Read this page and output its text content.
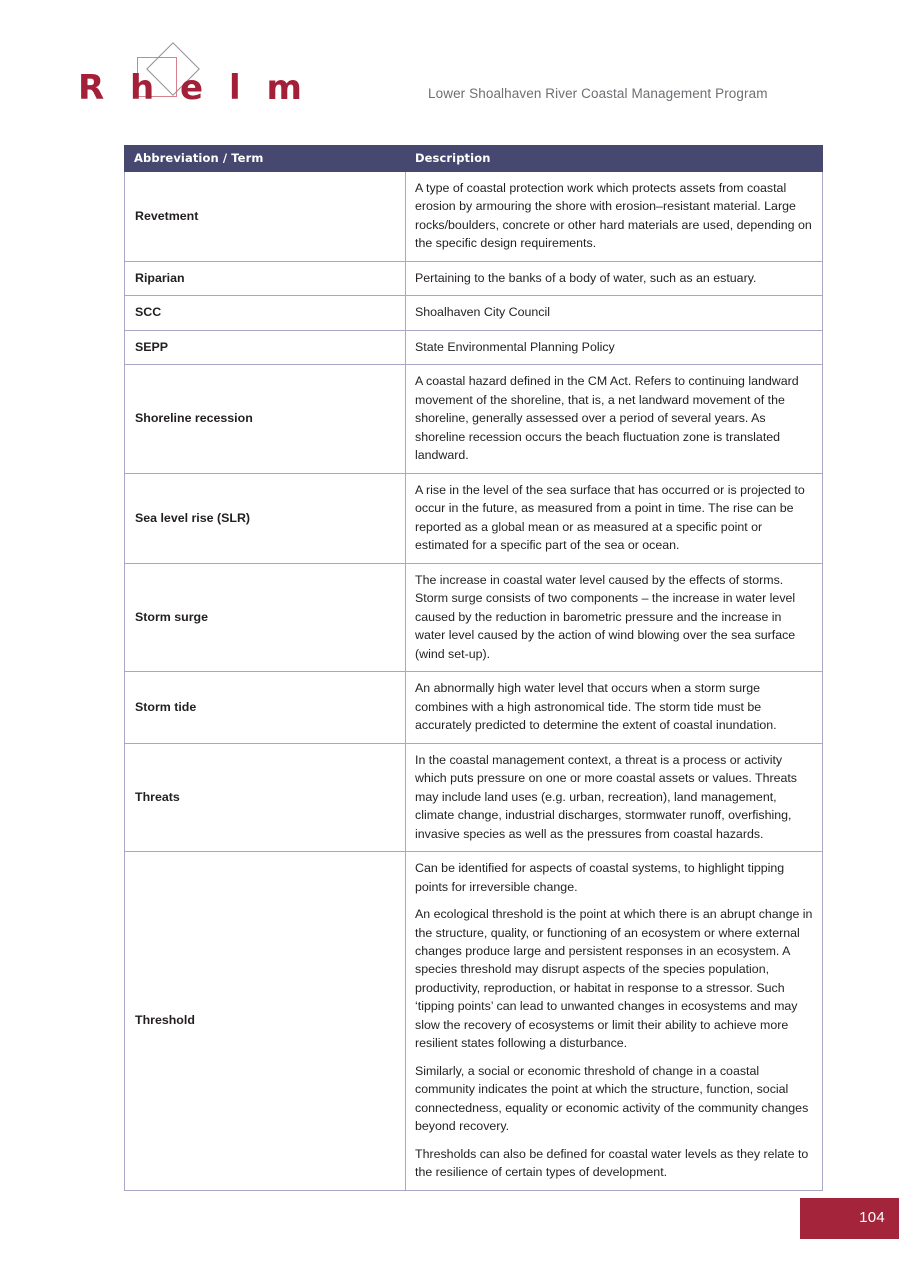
R h e l m	Lower Shoalhaven River Coastal Management Program
Abbreviation / Term	Description
Revetment	A type of coastal protection work which protects assets from coastal erosion by armouring the shore with erosion–resistant material. Large rocks/boulders, concrete or other hard materials are used, depending on the specific design requirements.

Riparian	Pertaining to the banks of a body of water, such as an estuary.

SCC	Shoalhaven City Council

SEPP	State Environmental Planning Policy

Shoreline recession	A coastal hazard defined in the CM Act. Refers to continuing landward movement of the shoreline, that is, a net landward movement of the shoreline, generally assessed over a period of several years. As shoreline recession occurs the beach fluctuation zone is translated landward.

Sea level rise (SLR)	A rise in the level of the sea surface that has occurred or is projected to occur in the future, as measured from a point in time. The rise can be reported as a global mean or as measured at a specific point or estimated for a specific part of the sea or ocean.

Storm surge	The increase in coastal water level caused by the effects of storms. Storm surge consists of two components – the increase in water level caused by the reduction in barometric pressure and the increase in water level caused by the action of wind blowing over the sea surface (wind set-up).

Storm tide	An abnormally high water level that occurs when a storm surge combines with a high astronomical tide. The storm tide must be accurately predicted to determine the extent of coastal inundation.

Threats	In the coastal management context, a threat is a process or activity which puts pressure on one or more coastal assets or values. Threats may include land uses (e.g. urban, recreation), land management, climate change, industrial discharges, stormwater runoff, overfishing, invasive species as well as the pressures from coastal hazards.

Threshold	Can be identified for aspects of coastal systems, to highlight tipping points for irreversible change.

An ecological threshold is the point at which there is an abrupt change in the structure, quality, or functioning of an ecosystem or where external changes produce large and persistent responses in an ecosystem. A species threshold may disrupt aspects of the species population, productivity, reproduction, or habitat in response to a stressor. Such ‘tipping points’ can lead to unwanted changes in ecosystems and may slow the recovery of ecosystems or limit their ability to achieve more resilient states following a disturbance.

Similarly, a social or economic threshold of change in a coastal community indicates the point at which the structure, function, social connectedness, equality or economic activity of the community changes beyond recovery.

Thresholds can also be defined for coastal water levels as they relate to the resilience of certain types of development.

104
